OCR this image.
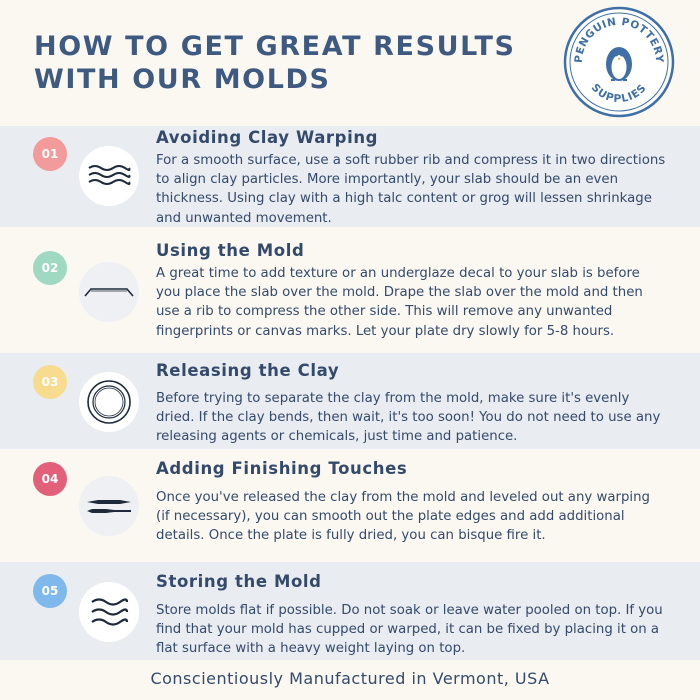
HOW TO GET GREAT RESULTS
WITH OUR MOLDS
PENGUIN POTTERY
SUPPLIES
01
Avoiding Clay Warping
For a smooth surface, use a soft rubber rib and compress it in two directions to align clay particles. More importantly, your slab should be an even thickness. Using clay with a high talc content or grog will lessen shrinkage and unwanted movement.
02
Using the Mold
A great time to add texture or an underglaze decal to your slab is before you place the slab over the mold. Drape the slab over the mold and then use a rib to compress the other side. This will remove any unwanted fingerprints or canvas marks. Let your plate dry slowly for 5-8 hours.
03
Releasing the Clay
Before trying to separate the clay from the mold, make sure it's evenly dried. If the clay bends, then wait, it's too soon! You do not need to use any releasing agents or chemicals, just time and patience.
04
Adding Finishing Touches
Once you've released the clay from the mold and leveled out any warping (if necessary), you can smooth out the plate edges and add additional details. Once the plate is fully dried, you can bisque fire it.
05	Storing the Mold
Store molds flat if possible. Do not soak or leave water pooled on top. If you find that your mold has cupped or warped, it can be fixed by placing it on a flat surface with a heavy weight laying on top.
Conscientiously Manufactured in Vermont, USA
